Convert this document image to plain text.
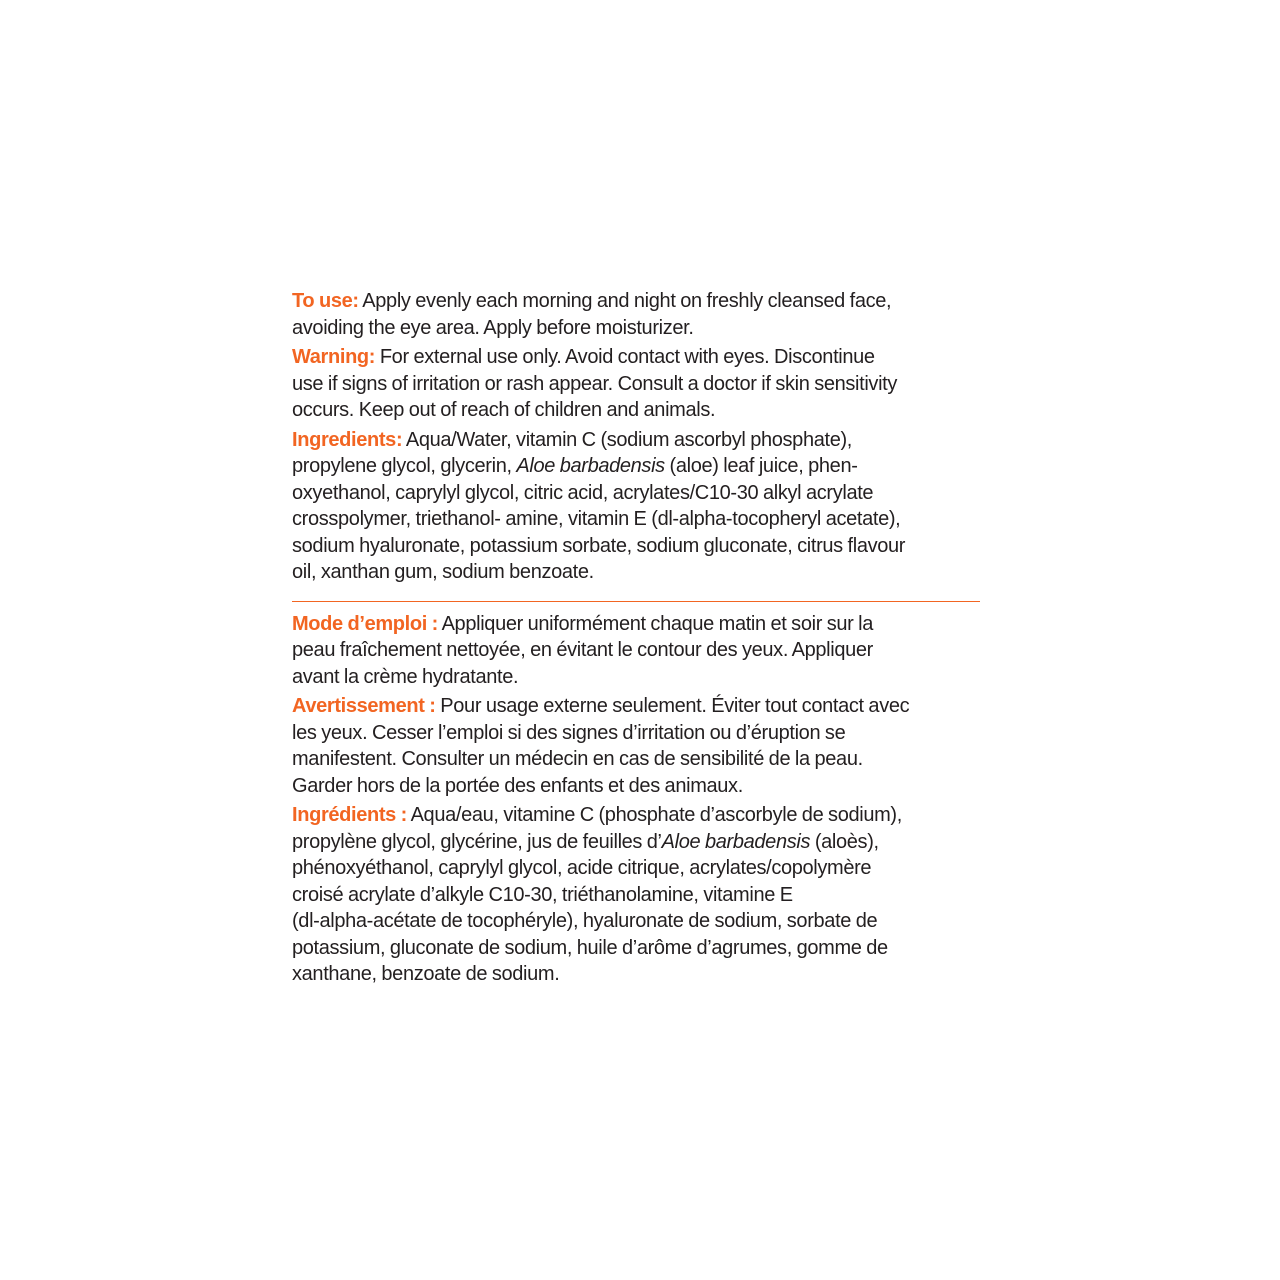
To use: Apply evenly each morning and night on freshly cleansed face,
avoiding the eye area. Apply before moisturizer.

Warning: For external use only. Avoid contact with eyes. Discontinue
use if signs of irritation or rash appear. Consult a doctor if skin sensitivity
occurs. Keep out of reach of children and animals.

Ingredients: Aqua/Water, vitamin C (sodium ascorbyl phosphate),
propylene glycol, glycerin, Aloe barbadensis (aloe) leaf juice, phen-
oxyethanol, caprylyl glycol, citric acid, acrylates/C10-30 alkyl acrylate
crosspolymer, triethanol- amine, vitamin E (dl-alpha-tocopheryl acetate),
sodium hyaluronate, potassium sorbate, sodium gluconate, citrus flavour
oil, xanthan gum, sodium benzoate.

Mode d’emploi : Appliquer uniformément chaque matin et soir sur la
peau fraîchement nettoyée, en évitant le contour des yeux. Appliquer
avant la crème hydratante.

Avertissement : Pour usage externe seulement. Éviter tout contact avec
les yeux. Cesser l’emploi si des signes d’irritation ou d’éruption se
manifestent. Consulter un médecin en cas de sensibilité de la peau.
Garder hors de la portée des enfants et des animaux.

Ingrédients : Aqua/eau, vitamine C (phosphate d’ascorbyle de sodium),
propylène glycol, glycérine, jus de feuilles d’Aloe barbadensis (aloès),
phénoxyéthanol, caprylyl glycol, acide citrique, acrylates/copolymère
croisé acrylate d’alkyle C10-30, triéthanolamine, vitamine E
(dl-alpha-acétate de tocophéryle), hyaluronate de sodium, sorbate de
potassium, gluconate de sodium, huile d’arôme d’agrumes, gomme de
xanthane, benzoate de sodium.
